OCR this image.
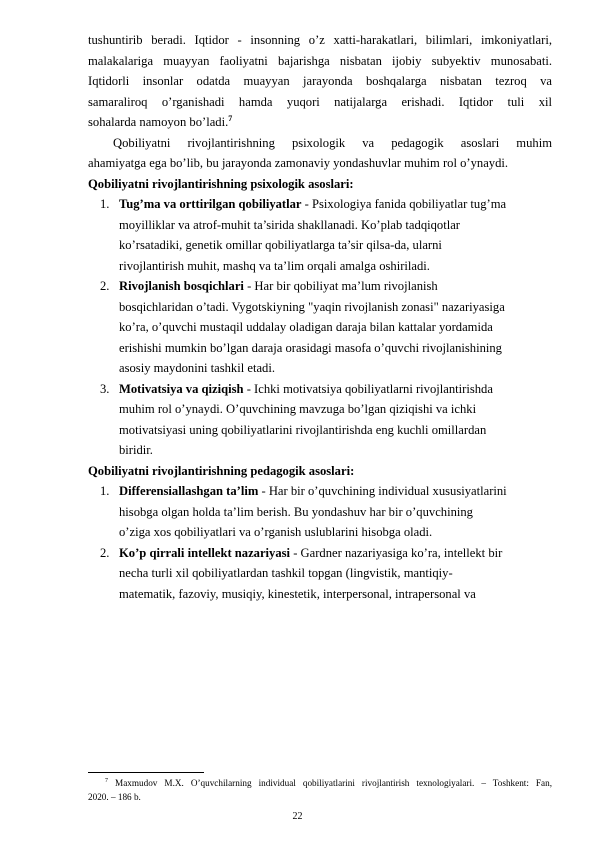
tushuntirib beradi. Iqtidor - insonning o’z xatti-harakatlari, bilimlari, imkoniyatlari,
malakalariga muayyan faoliyatni bajarishga nisbatan ijobiy subyektiv munosabati.
Iqtidorli insonlar odatda muayyan jarayonda boshqalarga nisbatan tezroq va
samaraliroq o’rganishadi hamda yuqori natijalarga erishadi. Iqtidor tuli xil
sohalarda namoyon bo’ladi.$^7$
Qobiliyatni rivojlantirishning psixologik va pedagogik asoslari muhim
ahamiyatga ega bo’lib, bu jarayonda zamonaviy yondashuvlar muhim rol o’ynaydi.
Qobiliyatni rivojlantirishning psixologik asoslari:
1. Tug’ma va orttirilgan qobiliyatlar - Psixologiya fanida qobiliyatlar tug’ma
moyilliklar va atrof-muhit ta’sirida shakllanadi. Ko’plab tadqiqotlar
ko’rsatadiki, genetik omillar qobiliyatlarga ta’sir qilsa-da, ularni
rivojlantirish muhit, mashq va ta’lim orqali amalga oshiriladi.
2. Rivojlanish bosqichlari - Har bir qobiliyat ma’lum rivojlanish
bosqichlaridan o’tadi. Vygotskiyning "yaqin rivojlanish zonasi" nazariyasiga
ko’ra, o’quvchi mustaqil uddalay oladigan daraja bilan kattalar yordamida
erishishi mumkin bo’lgan daraja orasidagi masofa o’quvchi rivojlanishining
asosiy maydonini tashkil etadi.
3. Motivatsiya va qiziqish - Ichki motivatsiya qobiliyatlarni rivojlantirishda
muhim rol o’ynaydi. O’quvchining mavzuga bo’lgan qiziqishi va ichki
motivatsiyasi uning qobiliyatlarini rivojlantirishda eng kuchli omillardan
biridir.
Qobiliyatni rivojlantirishning pedagogik asoslari:
1. Differensiallashgan ta’lim - Har bir o’quvchining individual xususiyatlarini
hisobga olgan holda ta’lim berish. Bu yondashuv har bir o’quvchining
o’ziga xos qobiliyatlari va o’rganish uslublarini hisobga oladi.
2. Ko’p qirrali intellekt nazariyasi - Gardner nazariyasiga ko’ra, intellekt bir
necha turli xil qobiliyatlardan tashkil topgan (lingvistik, mantiqiy-
matematik, fazoviy, musiqiy, kinestetik, interpersonal, intrapersonal va
$^7$ Maxmudov M.X. O’quvchilarning individual qobiliyatlarini rivojlantirish texnologiyalari. – Toshkent: Fan,
2020. – 186 b.
22
